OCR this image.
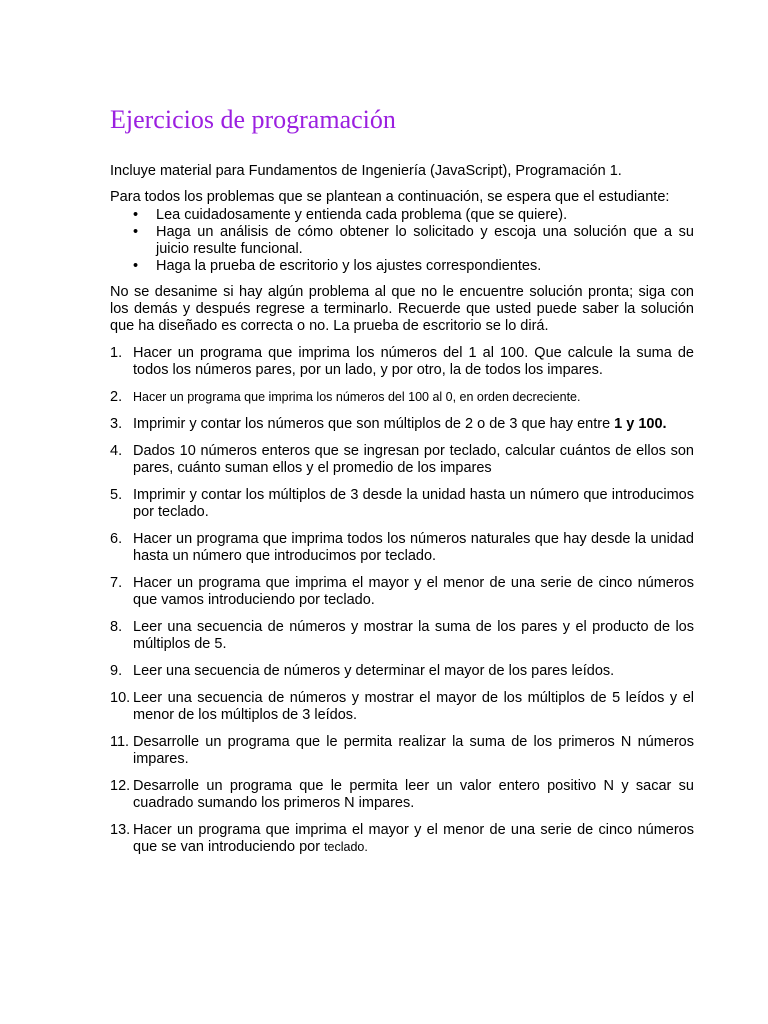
Ejercicios de programación

Incluye material para Fundamentos de Ingeniería (JavaScript), Programación 1.

Para todos los problemas que se plantean a continuación, se espera que el estudiante:

• Lea cuidadosamente y entienda cada problema (que se quiere).
• Haga un análisis de cómo obtener lo solicitado y escoja una solución que a su juicio resulte funcional.
• Haga la prueba de escritorio y los ajustes correspondientes.

No se desanime si hay algún problema al que no le encuentre solución pronta; siga con los demás y después regrese a terminarlo. Recuerde que usted puede saber la solución que ha diseñado es correcta o no. La prueba de escritorio se lo dirá.

1. Hacer un programa que imprima los números del 1 al 100. Que calcule la suma de todos los números pares, por un lado, y por otro, la de todos los impares.
2. Hacer un programa que imprima los números del 100 al 0, en orden decreciente.
3. Imprimir y contar los números que son múltiplos de 2 o de 3 que hay entre 1 y 100.
4. Dados 10 números enteros que se ingresan por teclado, calcular cuántos de ellos son pares, cuánto suman ellos y el promedio de los impares
5. Imprimir y contar los múltiplos de 3 desde la unidad hasta un número que introducimos por teclado.
6. Hacer un programa que imprima todos los números naturales que hay desde la unidad hasta un número que introducimos por teclado.
7. Hacer un programa que imprima el mayor y el menor de una serie de cinco números que vamos introduciendo por teclado.
8. Leer una secuencia de números y mostrar la suma de los pares y el producto de los múltiplos de 5.
9. Leer una secuencia de números y determinar el mayor de los pares leídos.
10. Leer una secuencia de números y mostrar el mayor de los múltiplos de 5 leídos y el menor de los múltiplos de 3 leídos.
11. Desarrolle un programa que le permita realizar la suma de los primeros N números impares.
12. Desarrolle un programa que le permita leer un valor entero positivo N y sacar su cuadrado sumando los primeros N impares.
13. Hacer un programa que imprima el mayor y el menor de una serie de cinco números que se van introduciendo por teclado.
